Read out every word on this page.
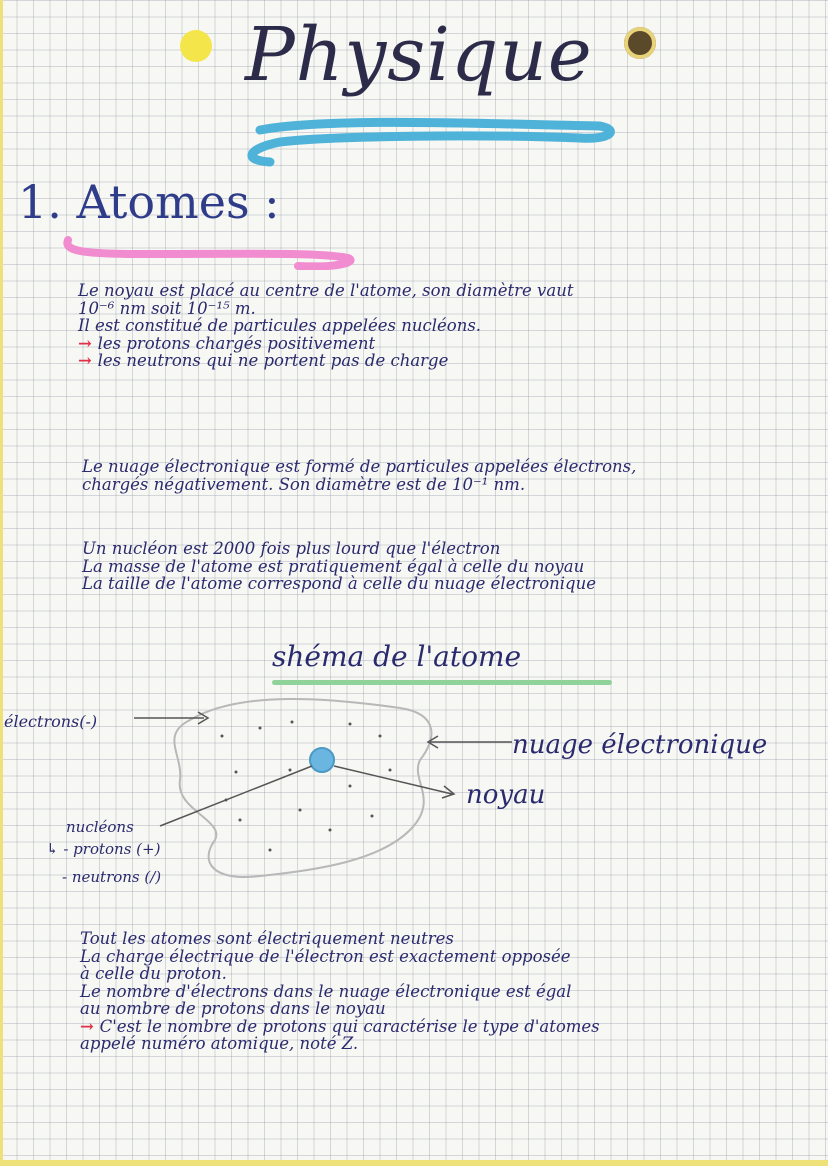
Physique
1. Atomes :
Le noyau est placé au centre de l'atome, son diamètre vaut
10⁻⁶ nm soit 10⁻¹⁵ m.
Il est constitué de particules appelées nucléons.
→ les protons chargés positivement
→ les neutrons qui ne portent pas de charge
Le nuage électronique est formé de particules appelées électrons,
chargés négativement. Son diamètre est de 10⁻¹ nm.
Un nucléon est 2000 fois plus lourd que l'électron
La masse de l'atome est pratiquement égal à celle du noyau
La taille de l'atome correspond à celle du nuage électronique
shéma de l'atome
électrons(-)
nuage électronique
noyau
nucléons
↳ - protons (+)
- neutrons (/)
Tout les atomes sont électriquement neutres
La charge électrique de l'électron est exactement opposée
à celle du proton.
Le nombre d'électrons dans le nuage électronique est égal
au nombre de protons dans le noyau
→ C'est le nombre de protons qui caractérise le type d'atomes
appelé numéro atomique, noté Z.
